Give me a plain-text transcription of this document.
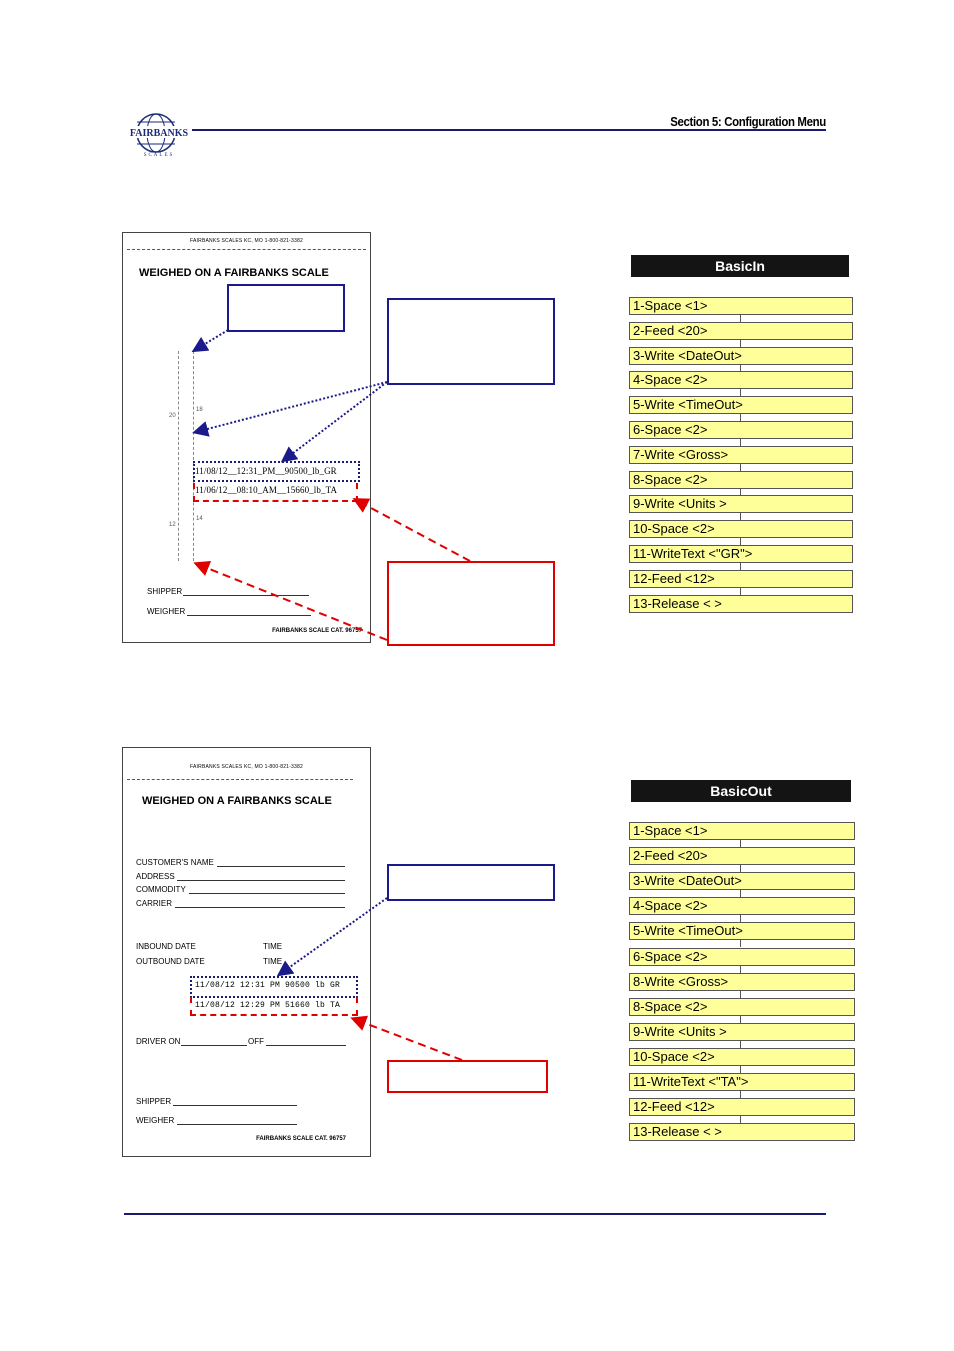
FAIRBANKS
SCALES
Section 5: Configuration Menu
FAIRBANKS SCALES KC, MO 1-800-821-3382
WEIGHED ON A FAIRBANKS SCALE
20
18
12
14
11/08/12__12:31_PM__90500_lb_GR
11/06/12__08:10_AM__15660_lb_TA
SHIPPER
WEIGHER
FAIRBANKS SCALE CAT. 96757
FAIRBANKS SCALES KC, MO 1-800-821-3382
WEIGHED ON A FAIRBANKS SCALE
CUSTOMER'S NAME
ADDRESS
COMMODITY
CARRIER
INBOUND DATE	TIME
OUTBOUND DATE	TIME
11/08/12 12:31 PM 90500 lb GR
11/08/12 12:29 PM 51660 lb TA
DRIVER ON	OFF
SHIPPER
WEIGHER
FAIRBANKS SCALE CAT. 96757
BasicIn
1-Space <1>
2-Feed <20>
3-Write <DateOut>
4-Space <2>
5-Write <TimeOut>
6-Space <2>
7-Write <Gross>
8-Space <2>
9-Write <Units >
10-Space <2>
11-WriteText <"GR">
12-Feed <12>
13-Release < >
BasicOut
1-Space <1>
2-Feed <20>
3-Write <DateOut>
4-Space <2>
5-Write <TimeOut>
6-Space <2>
8-Write <Gross>
8-Space <2>
9-Write <Units >
10-Space <2>
11-WriteText <"TA">
12-Feed <12>
13-Release < >
